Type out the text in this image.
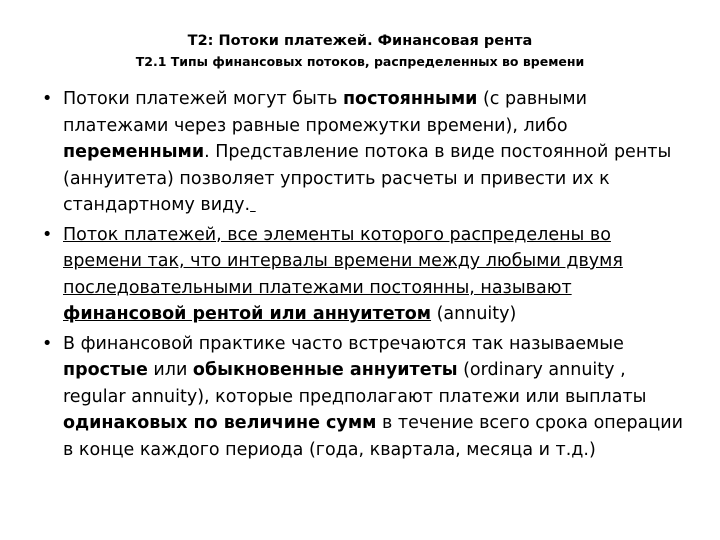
T2: Потоки платежей. Финансовая рента
T2.1 Типы финансовых потоков, распределенных во времени
• Потоки платежей могут быть постоянными (с равными платежами через равные промежутки времени), либо переменными. Представление потока в виде постоянной ренты (аннуитета) позволяет упростить расчеты и привести их к стандартному виду.
• Поток платежей, все элементы которого распределены во времени так, что интервалы времени между любыми двумя последовательными платежами постоянны, называют финансовой рентой или аннуитетом (annuity)
• В финансовой практике часто встречаются так называемые простые или обыкновенные аннуитеты (ordinary annuity , regular annuity), которые предполагают платежи или выплаты одинаковых по величине сумм в течение всего срока операции в конце каждого периода (года, квартала, месяца и т.д.)
